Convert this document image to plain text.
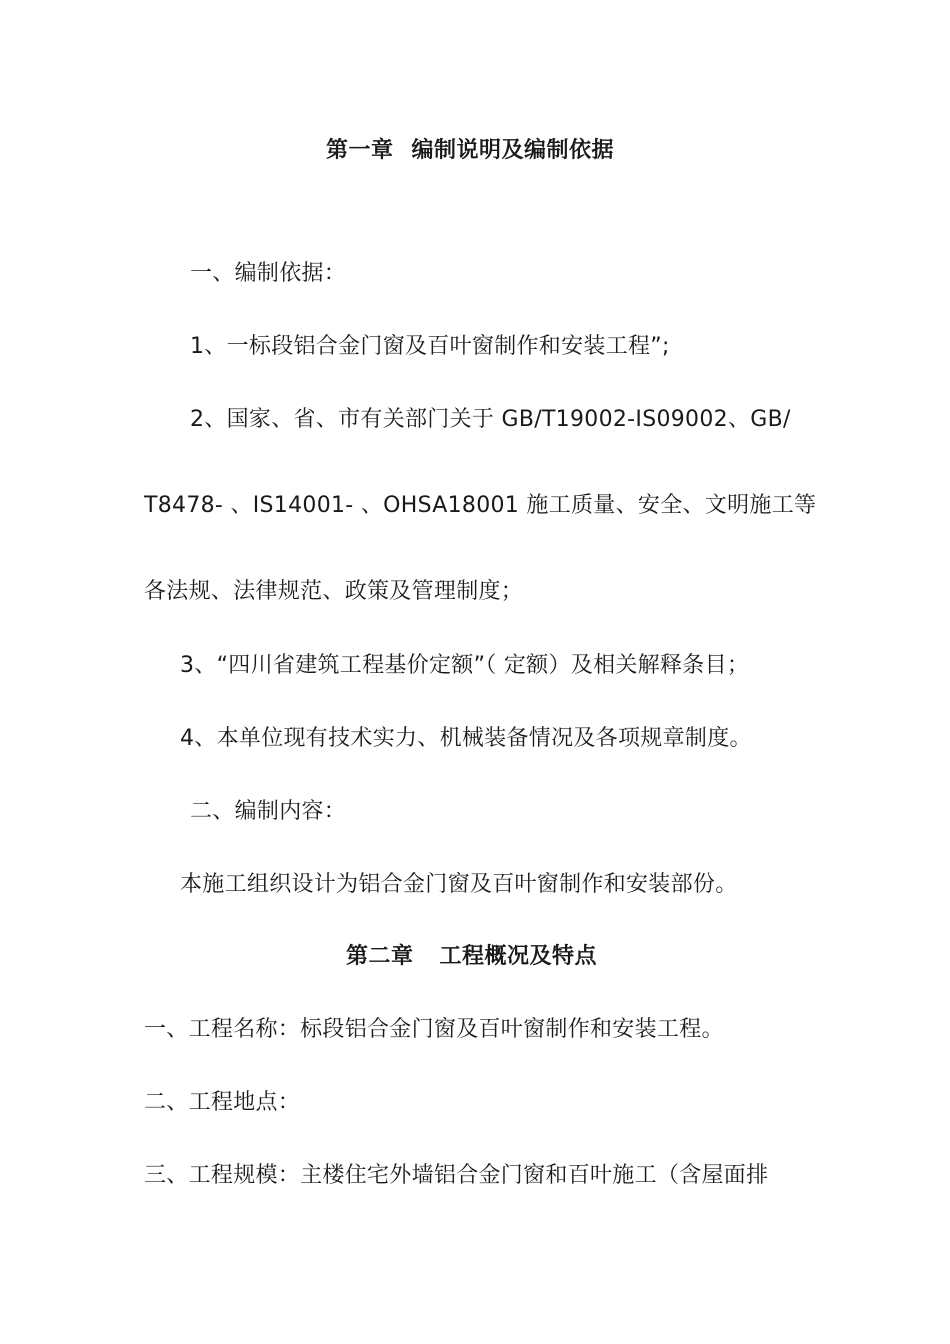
第一章 编制说明及编制依据
一、编制依据：
1、一标段铝合金门窗及百叶窗制作和安装工程”;
2、国家、省、市有关部门关于 GB/T19002-IS09002、GB/
T8478- 、IS14001- 、OHSA18001 施工质量、安全、文明施工等
各法规、法律规范、政策及管理制度；
3、“四川省建筑工程基价定额”（ 定额）及相关解释条目；
4、本单位现有技术实力、机械装备情况及各项规章制度。
二、编制内容：
本施工组织设计为铝合金门窗及百叶窗制作和安装部份。
第二章 工程概况及特点
一、工程名称：标段铝合金门窗及百叶窗制作和安装工程。
二、工程地点：
三、工程规模：主楼住宅外墙铝合金门窗和百叶施工（含屋面排
